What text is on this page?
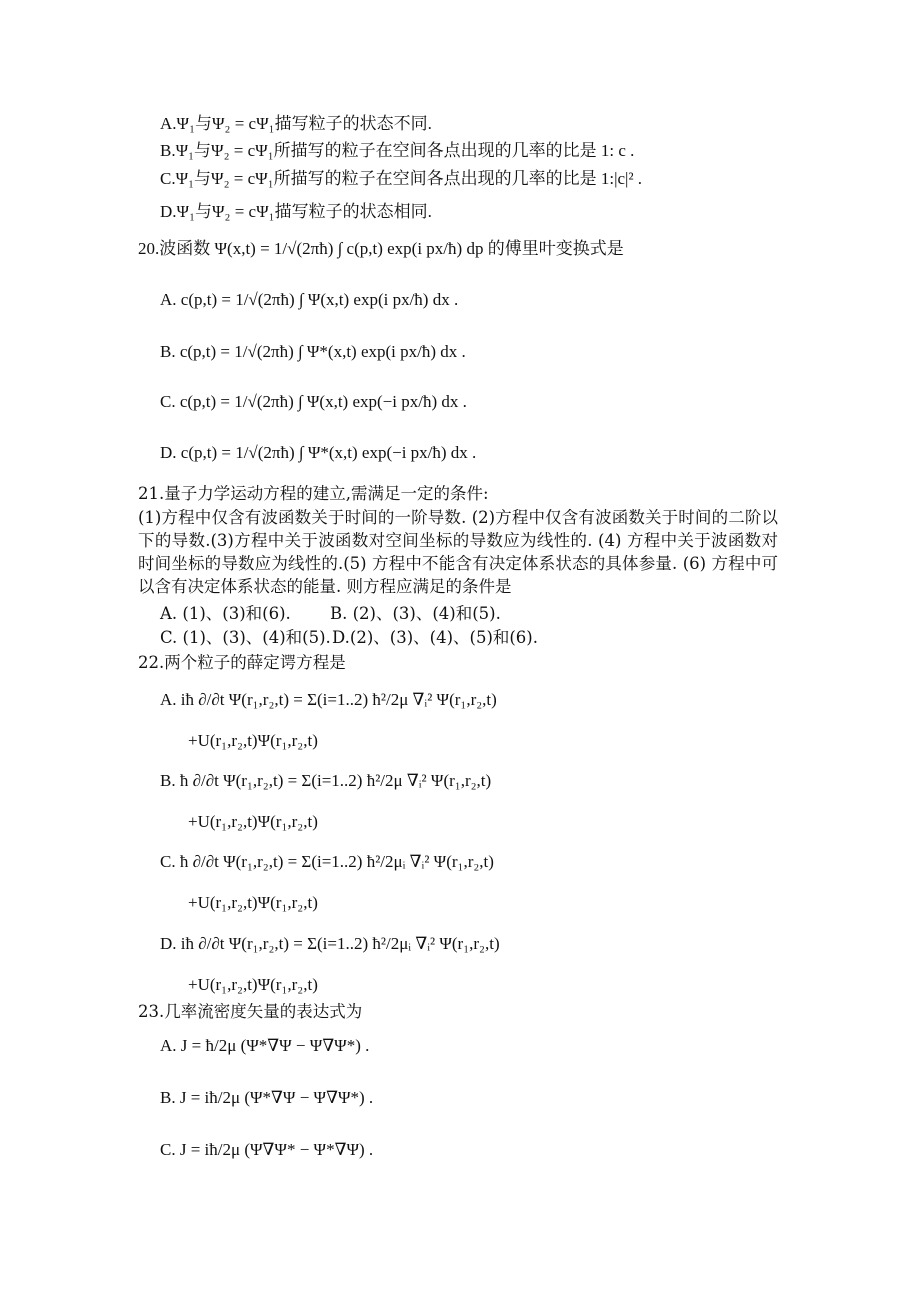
A.Ψ₁与Ψ₂ = cΨ₁描写粒子的状态不同.
B.Ψ₁与Ψ₂ = cΨ₁所描写的粒子在空间各点出现的几率的比是 1: c .
C.Ψ₁与Ψ₂ = cΨ₁所描写的粒子在空间各点出现的几率的比是 1:|c|² .
D.Ψ₁与Ψ₂ = cΨ₁描写粒子的状态相同.
20.波函数 Ψ(x,t) = 1/√(2πħ) ∫ c(p,t) exp(i px/ħ) dp 的傅里叶变换式是
A. c(p,t) = 1/√(2πħ) ∫ Ψ(x,t) exp(i px/ħ) dx .
B. c(p,t) = 1/√(2πħ) ∫ Ψ*(x,t) exp(i px/ħ) dx .
C. c(p,t) = 1/√(2πħ) ∫ Ψ(x,t) exp(−i px/ħ) dx .
D. c(p,t) = 1/√(2πħ) ∫ Ψ*(x,t) exp(−i px/ħ) dx .
21.量子力学运动方程的建立,需满足一定的条件:
(1)方程中仅含有波函数关于时间的一阶导数. (2)方程中仅含有波函数关于时间的二阶以下的导数.(3)方程中关于波函数对空间坐标的导数应为线性的. (4) 方程中关于波函数对时间坐标的导数应为线性的.(5) 方程中不能含有决定体系状态的具体参量. (6) 方程中可以含有决定体系状态的能量. 则方程应满足的条件是
A. (1)、(3)和(6). B. (2)、(3)、(4)和(5).
C. (1)、(3)、(4)和(5). D.(2)、(3)、(4)、(5)和(6).
22.两个粒子的薛定谔方程是
A. iħ ∂/∂t Ψ(r₁,r₂,t) = Σ(i=1..2) ħ²/2μ ∇ᵢ² Ψ(r₁,r₂,t)
+U(r₁,r₂,t)Ψ(r₁,r₂,t)
B. ħ ∂/∂t Ψ(r₁,r₂,t) = Σ(i=1..2) ħ²/2μ ∇ᵢ² Ψ(r₁,r₂,t)
+U(r₁,r₂,t)Ψ(r₁,r₂,t)
C. ħ ∂/∂t Ψ(r₁,r₂,t) = Σ(i=1..2) ħ²/2μᵢ ∇ᵢ² Ψ(r₁,r₂,t)
+U(r₁,r₂,t)Ψ(r₁,r₂,t)
D. iħ ∂/∂t Ψ(r₁,r₂,t) = Σ(i=1..2) ħ²/2μᵢ ∇ᵢ² Ψ(r₁,r₂,t)
+U(r₁,r₂,t)Ψ(r₁,r₂,t)
23.几率流密度矢量的表达式为
A. J = ħ/2μ (Ψ*∇Ψ − Ψ∇Ψ*) .
B. J = iħ/2μ (Ψ*∇Ψ − Ψ∇Ψ*) .
C. J = iħ/2μ (Ψ∇Ψ* − Ψ*∇Ψ) .
